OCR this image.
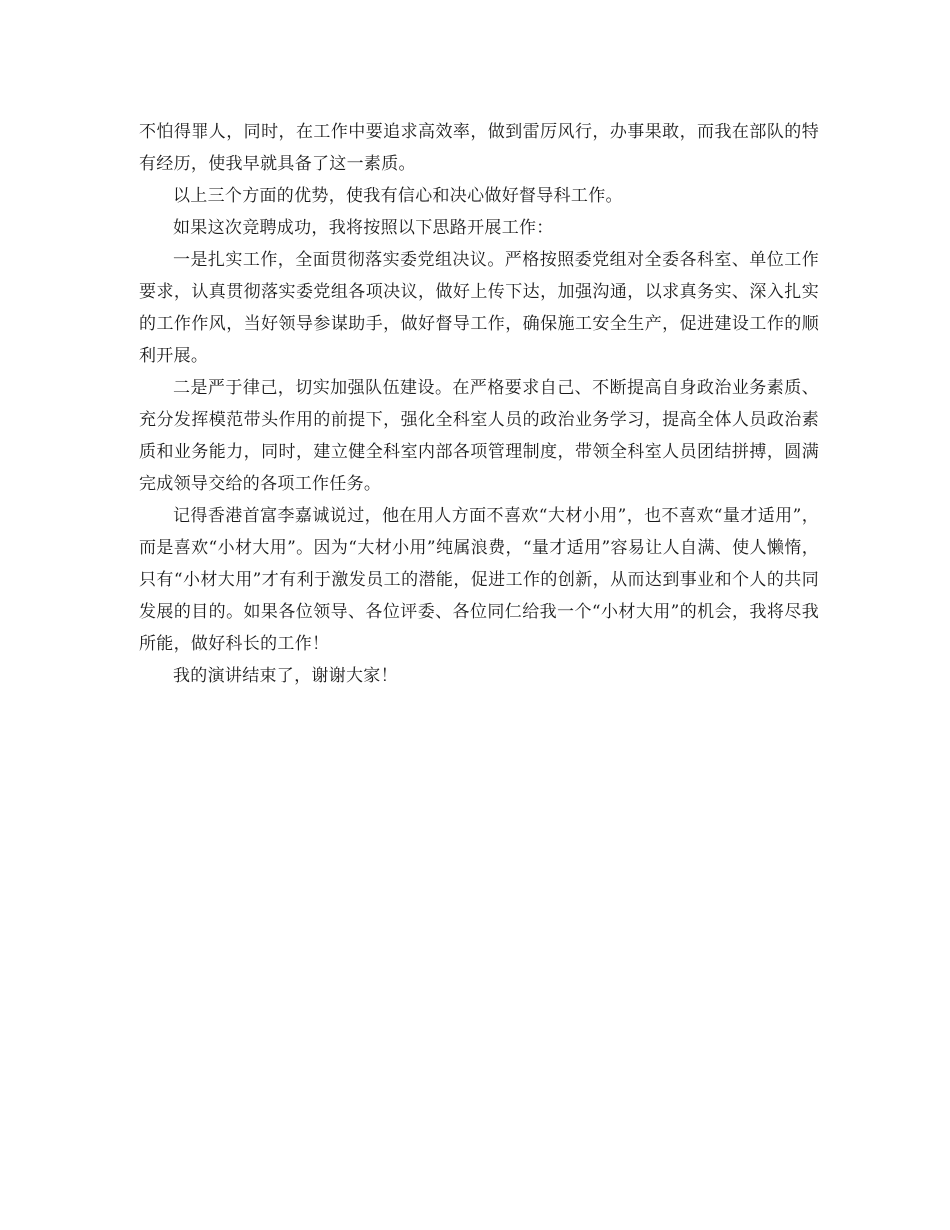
不怕得罪人，同时，在工作中要追求高效率，做到雷厉风行，办事果敢，而我在部队的特有经历，使我早就具备了这一素质。

以上三个方面的优势，使我有信心和决心做好督导科工作。

如果这次竞聘成功，我将按照以下思路开展工作：

一是扎实工作，全面贯彻落实委党组决议。严格按照委党组对全委各科室、单位工作要求，认真贯彻落实委党组各项决议，做好上传下达，加强沟通，以求真务实、深入扎实的工作作风，当好领导参谋助手，做好督导工作，确保施工安全生产，促进建设工作的顺利开展。

二是严于律己，切实加强队伍建设。在严格要求自己、不断提高自身政治业务素质、充分发挥模范带头作用的前提下，强化全科室人员的政治业务学习，提高全体人员政治素质和业务能力，同时，建立健全科室内部各项管理制度，带领全科室人员团结拼搏，圆满完成领导交给的各项工作任务。

记得香港首富李嘉诚说过，他在用人方面不喜欢“大材小用”，也不喜欢“量才适用”，而是喜欢“小材大用”。因为“大材小用”纯属浪费，“量才适用”容易让人自满、使人懒惰，只有“小材大用”才有利于激发员工的潜能，促进工作的创新，从而达到事业和个人的共同发展的目的。如果各位领导、各位评委、各位同仁给我一个“小材大用”的机会，我将尽我所能，做好科长的工作！

我的演讲结束了，谢谢大家！
